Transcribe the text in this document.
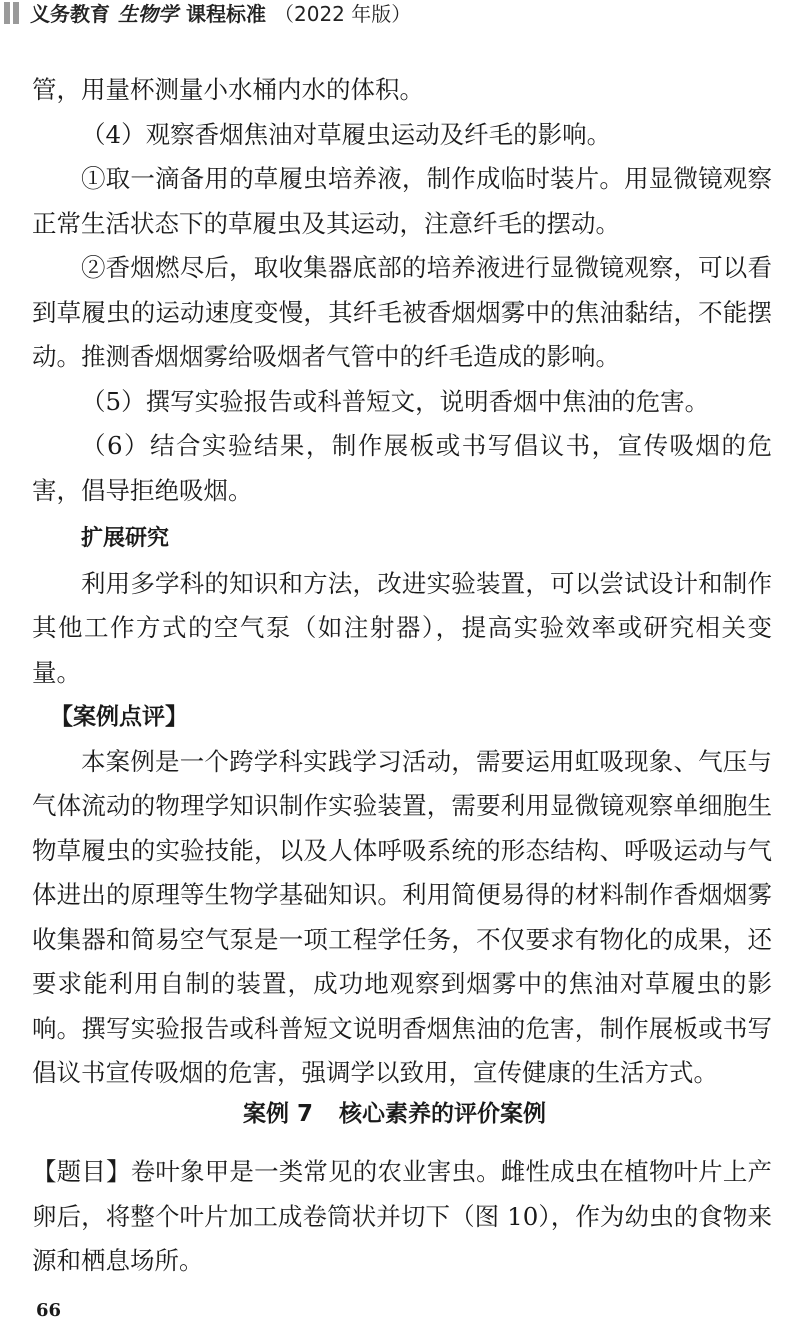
义务教育 生物学 课程标准 （2022 年版）

管，用量杯测量小水桶内水的体积。

（4）观察香烟焦油对草履虫运动及纤毛的影响。

①取一滴备用的草履虫培养液，制作成临时装片。用显微镜观察正常生活状态下的草履虫及其运动，注意纤毛的摆动。

②香烟燃尽后，取收集器底部的培养液进行显微镜观察，可以看到草履虫的运动速度变慢，其纤毛被香烟烟雾中的焦油黏结，不能摆动。推测香烟烟雾给吸烟者气管中的纤毛造成的影响。

（5）撰写实验报告或科普短文，说明香烟中焦油的危害。

（6）结合实验结果，制作展板或书写倡议书，宣传吸烟的危害，倡导拒绝吸烟。

扩展研究

利用多学科的知识和方法，改进实验装置，可以尝试设计和制作其他工作方式的空气泵（如注射器），提高实验效率或研究相关变量。

【案例点评】

本案例是一个跨学科实践学习活动，需要运用虹吸现象、气压与气体流动的物理学知识制作实验装置，需要利用显微镜观察单细胞生物草履虫的实验技能，以及人体呼吸系统的形态结构、呼吸运动与气体进出的原理等生物学基础知识。利用简便易得的材料制作香烟烟雾收集器和简易空气泵是一项工程学任务，不仅要求有物化的成果，还要求能利用自制的装置，成功地观察到烟雾中的焦油对草履虫的影响。撰写实验报告或科普短文说明香烟焦油的危害，制作展板或书写倡议书宣传吸烟的危害，强调学以致用，宣传健康的生活方式。

案例 7 核心素养的评价案例
【题目】卷叶象甲是一类常见的农业害虫。雌性成虫在植物叶片上产卵后，将整个叶片加工成卷筒状并切下（图 10），作为幼虫的食物来源和栖息场所。
66
